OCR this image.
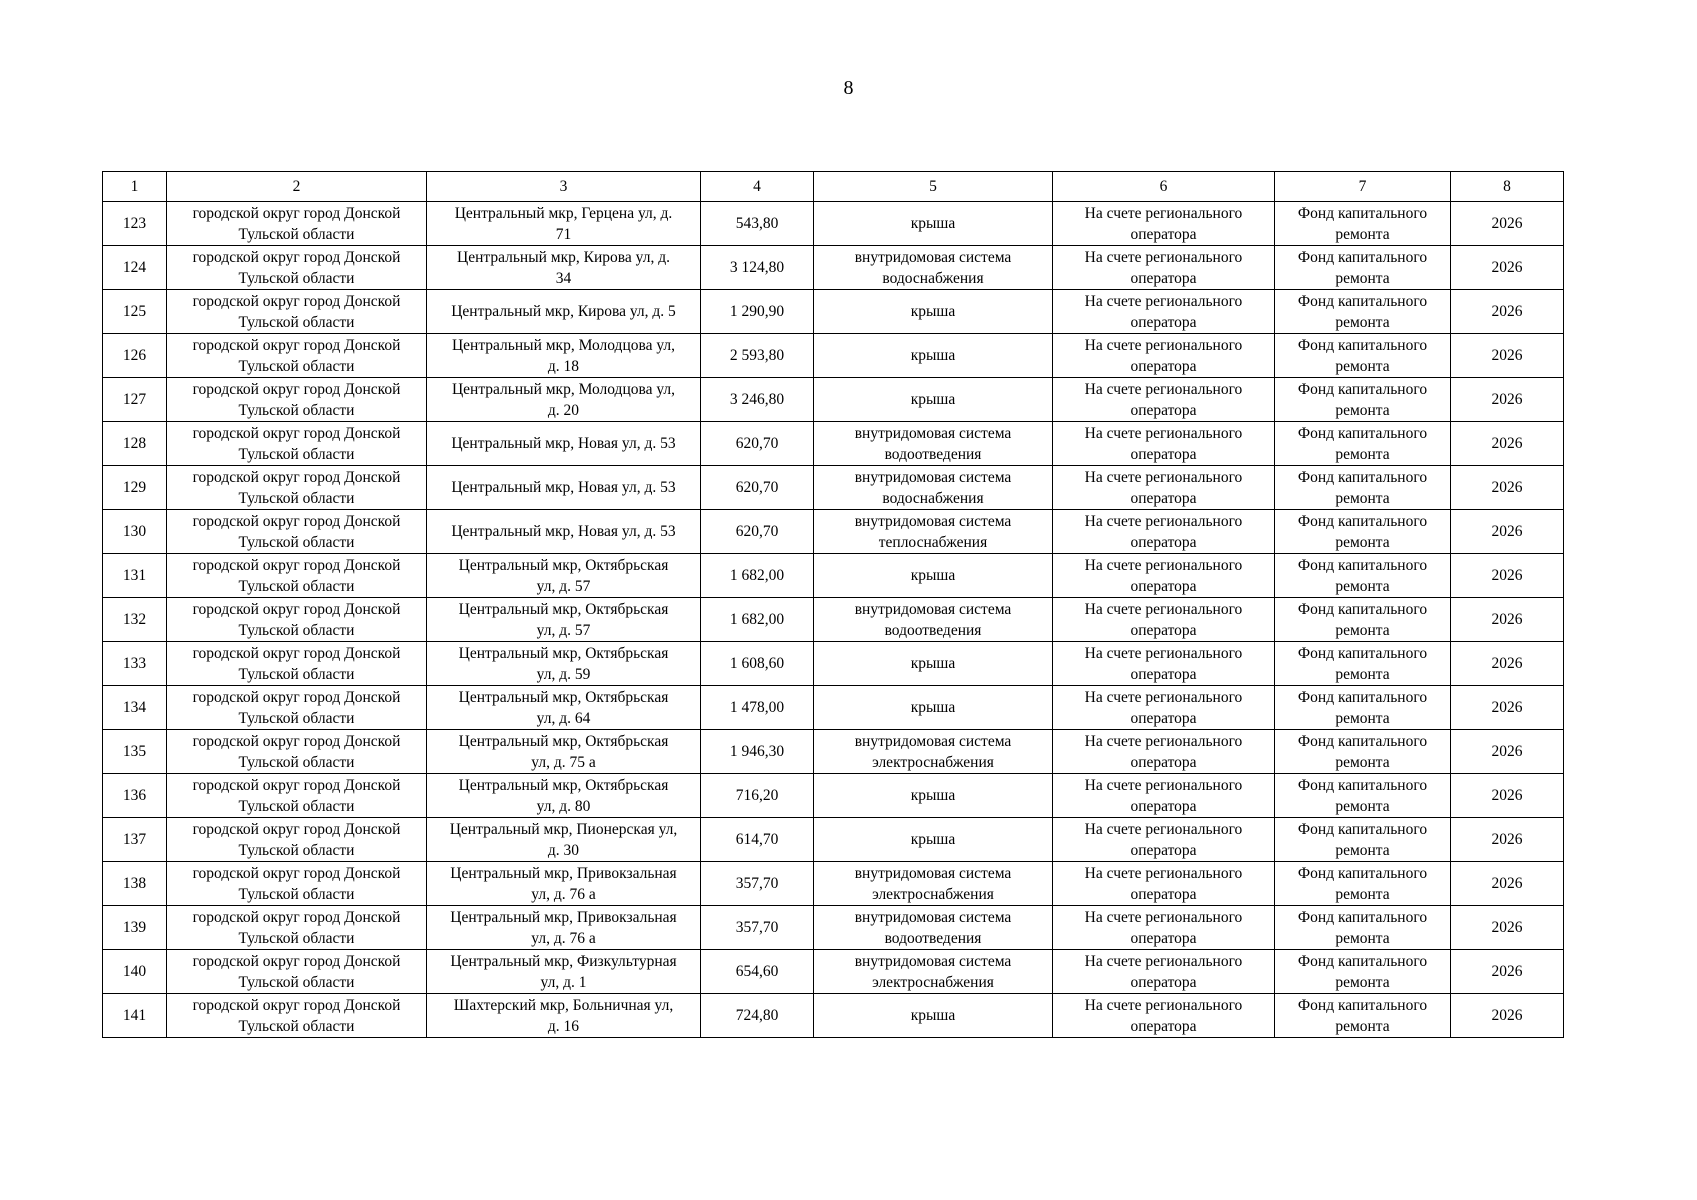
8
1	2	3	4	5	6	7	8
123	городской округ город Донской
Тульской области	Центральный мкр, Герцена ул, д.
71	543,80	крыша	На счете регионального
оператора	Фонд капитального
ремонта	2026
124	городской округ город Донской
Тульской области	Центральный мкр, Кирова ул, д.
34	3 124,80	внутридомовая система
водоснабжения	На счете регионального
оператора	Фонд капитального
ремонта	2026
125	городской округ город Донской
Тульской области	Центральный мкр, Кирова ул, д. 5	1 290,90	крыша	На счете регионального
оператора	Фонд капитального
ремонта	2026
126	городской округ город Донской
Тульской области	Центральный мкр, Молодцова ул,
д. 18	2 593,80	крыша	На счете регионального
оператора	Фонд капитального
ремонта	2026
127	городской округ город Донской
Тульской области	Центральный мкр, Молодцова ул,
д. 20	3 246,80	крыша	На счете регионального
оператора	Фонд капитального
ремонта	2026
128	городской округ город Донской
Тульской области	Центральный мкр, Новая ул, д. 53	620,70	внутридомовая система
водоотведения	На счете регионального
оператора	Фонд капитального
ремонта	2026
129	городской округ город Донской
Тульской области	Центральный мкр, Новая ул, д. 53	620,70	внутридомовая система
водоснабжения	На счете регионального
оператора	Фонд капитального
ремонта	2026
130	городской округ город Донской
Тульской области	Центральный мкр, Новая ул, д. 53	620,70	внутридомовая система
теплоснабжения	На счете регионального
оператора	Фонд капитального
ремонта	2026
131	городской округ город Донской
Тульской области	Центральный мкр, Октябрьская
ул, д. 57	1 682,00	крыша	На счете регионального
оператора	Фонд капитального
ремонта	2026
132	городской округ город Донской
Тульской области	Центральный мкр, Октябрьская
ул, д. 57	1 682,00	внутридомовая система
водоотведения	На счете регионального
оператора	Фонд капитального
ремонта	2026
133	городской округ город Донской
Тульской области	Центральный мкр, Октябрьская
ул, д. 59	1 608,60	крыша	На счете регионального
оператора	Фонд капитального
ремонта	2026
134	городской округ город Донской
Тульской области	Центральный мкр, Октябрьская
ул, д. 64	1 478,00	крыша	На счете регионального
оператора	Фонд капитального
ремонта	2026
135	городской округ город Донской
Тульской области	Центральный мкр, Октябрьская
ул, д. 75 а	1 946,30	внутридомовая система
электроснабжения	На счете регионального
оператора	Фонд капитального
ремонта	2026
136	городской округ город Донской
Тульской области	Центральный мкр, Октябрьская
ул, д. 80	716,20	крыша	На счете регионального
оператора	Фонд капитального
ремонта	2026
137	городской округ город Донской
Тульской области	Центральный мкр, Пионерская ул,
д. 30	614,70	крыша	На счете регионального
оператора	Фонд капитального
ремонта	2026
138	городской округ город Донской
Тульской области	Центральный мкр, Привокзальная
ул, д. 76 а	357,70	внутридомовая система
электроснабжения	На счете регионального
оператора	Фонд капитального
ремонта	2026
139	городской округ город Донской
Тульской области	Центральный мкр, Привокзальная
ул, д. 76 а	357,70	внутридомовая система
водоотведения	На счете регионального
оператора	Фонд капитального
ремонта	2026
140	городской округ город Донской
Тульской области	Центральный мкр, Физкультурная
ул, д. 1	654,60	внутридомовая система
электроснабжения	На счете регионального
оператора	Фонд капитального
ремонта	2026
141	городской округ город Донской
Тульской области	Шахтерский мкр, Больничная ул,
д. 16	724,80	крыша	На счете регионального
оператора	Фонд капитального
ремонта	2026
